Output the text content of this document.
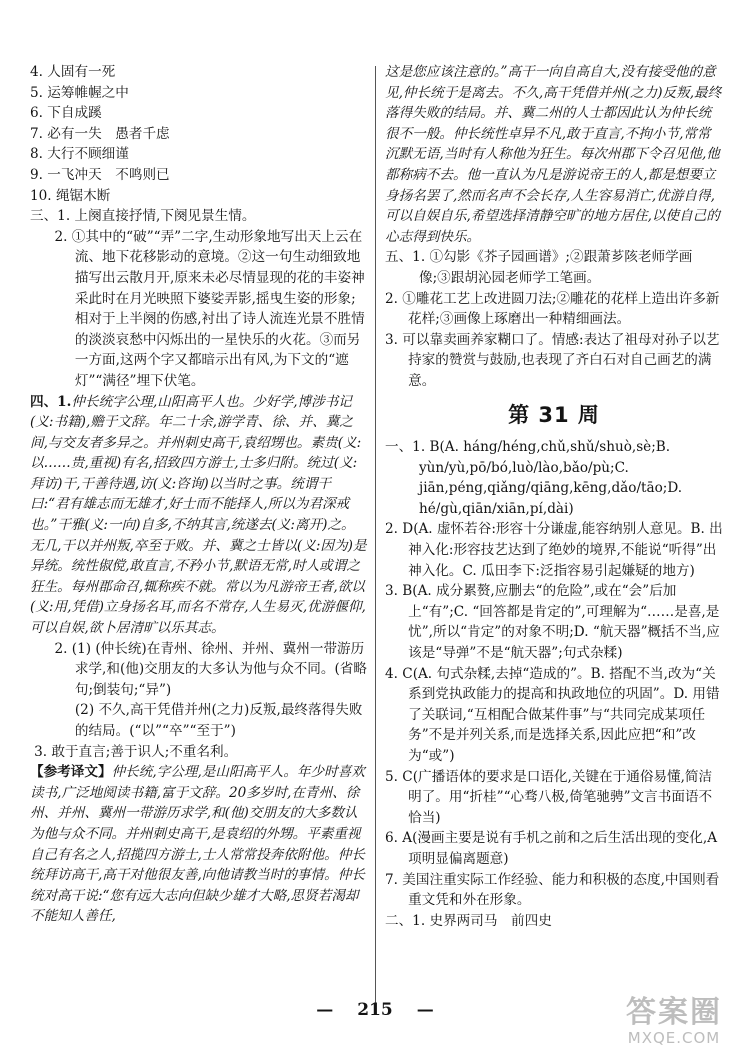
4. 人固有一死

5. 运筹帷幄之中

6. 下自成蹊

7. 必有一失　愚者千虑

8. 大行不顾细谨

9. 一飞冲天　不鸣则已

10. 绳锯木断

三、1. 上阕直接抒情,下阕见景生情。

2. ①其中的“破”“弄”二字,生动形象地写出天上云在流、地下花移影动的意境。②这一句生动细致地描写出云散月开,原来未必尽情显现的花的丰姿神采此时在月光映照下婆娑弄影,摇曳生姿的形象;相对于上半阕的伤感,衬出了诗人流连光景不胜情的淡淡哀愁中闪烁出的一星快乐的火花。③而另一方面,这两个字又都暗示出有风,为下文的“遮灯”“满径”埋下伏笔。

四、1.仲长统字公理,山阳高平人也。少好学,博涉书记(义:书籍),赡于文辞。年二十余,游学青、徐、并、冀之间,与交友者多异之。并州刺史高干,袁绍甥也。素贵(义:以……贵,重视)有名,招致四方游士,士多归附。统过(义:拜访)干,干善待遇,访(义:咨询)以当时之事。统谓干曰:“君有雄志而无雄才,好士而不能择人,所以为君深戒也。”干雅(义:一向)自多,不纳其言,统遂去(义:离开)之。无几,干以并州叛,卒至于败。并、冀之士皆以(义:因为)是异统。统性俶傥,敢直言,不矜小节,默语无常,时人或谓之狂生。每州郡命召,辄称疾不就。常以为凡游帝王者,欲以(义:用,凭借)立身扬名耳,而名不常存,人生易灭,优游偃仰,可以自娱,欲卜居清旷以乐其志。

2. (1) (仲长统)在青州、徐州、并州、冀州一带游历求学,和(他)交朋友的大多认为他与众不同。(省略句;倒装句;“异”)

(2) 不久,高干凭借并州(之力)反叛,最终落得失败的结局。(“以”“卒”“至于”)

3. 敢于直言;善于识人;不重名利。

【参考译文】仲长统,字公理,是山阳高平人。年少时喜欢读书,广泛地阅读书籍,富于文辞。20多岁时,在青州、徐州、并州、冀州一带游历求学,和(他)交朋友的大多数认为他与众不同。并州刺史高干,是袁绍的外甥。平素重视自己有名之人,招揽四方游士,士人常常投奔依附他。仲长统拜访高干,高干对他很友善,向他请教当时的事情。仲长统对高干说:“您有远大志向但缺少雄才大略,思贤若渴却不能知人善任,

这是您应该注意的。”高干一向自高自大,没有接受他的意见,仲长统于是离去。不久,高干凭借并州(之力)反叛,最终落得失败的结局。并、冀二州的人士都因此认为仲长统很不一般。仲长统性卓异不凡,敢于直言,不拘小节,常常沉默无语,当时有人称他为狂生。每次州郡下令召见他,他都称病不去。他一直认为凡是游说帝王的人,都是想要立身扬名罢了,然而名声不会长存,人生容易消亡,优游自得,可以自娱自乐,希望选择清静空旷的地方居住,以使自己的心志得到快乐。

五、1. ①勾影《芥子园画谱》;②跟萧芗陔老师学画像;③跟胡沁园老师学工笔画。

2. ①雕花工艺上改进圆刀法;②雕花的花样上造出许多新花样;③画像上琢磨出一种精细画法。

3. 可以靠卖画养家糊口了。情感:表达了祖母对孙子以艺持家的赞赏与鼓励,也表现了齐白石对自己画艺的满意。

第 31 周

一、1. B(A. háng/héng,chǔ,shǔ/shuò,sè;B. yùn/yù,pō/bó,luò/lào,bǎo/pù;C. jiān,péng,qiǎng/qiāng,kēng,dǎo/tāo;D. hé/gù,qiān/xiān,pí,dài)

2. D(A. 虚怀若谷:形容十分谦虚,能容纳别人意见。B. 出神入化:形容技艺达到了绝妙的境界,不能说“听得”出神入化。C. 瓜田李下:泛指容易引起嫌疑的地方)

3. B(A. 成分累赘,应删去“的危险”,或在“会”后加上“有”;C. “回答都是肯定的”,可理解为“……是喜,是忧”,所以“肯定”的对象不明;D. “航天器”概括不当,应该是“导弹”不是“航天器”;句式杂糅)

4. C(A. 句式杂糅,去掉“造成的”。B. 搭配不当,改为“关系到党执政能力的提高和执政地位的巩固”。D. 用错了关联词,“互相配合做某件事”与“共同完成某项任务”不是并列关系,而是选择关系,因此应把“和”改为“或”)

5. C(广播语体的要求是口语化,关键在于通俗易懂,简洁明了。用“折桂”“心骛八极,倚笔驰骋”文言书面语不恰当)

6. A(漫画主要是说有手机之前和之后生活出现的变化,A 项明显偏离题意)

7. 美国注重实际工作经验、能力和积极的态度,中国则看重文凭和外在形象。

二、1. 史界两司马　前四史

— 215 —	答案圈
MXQE.COM
